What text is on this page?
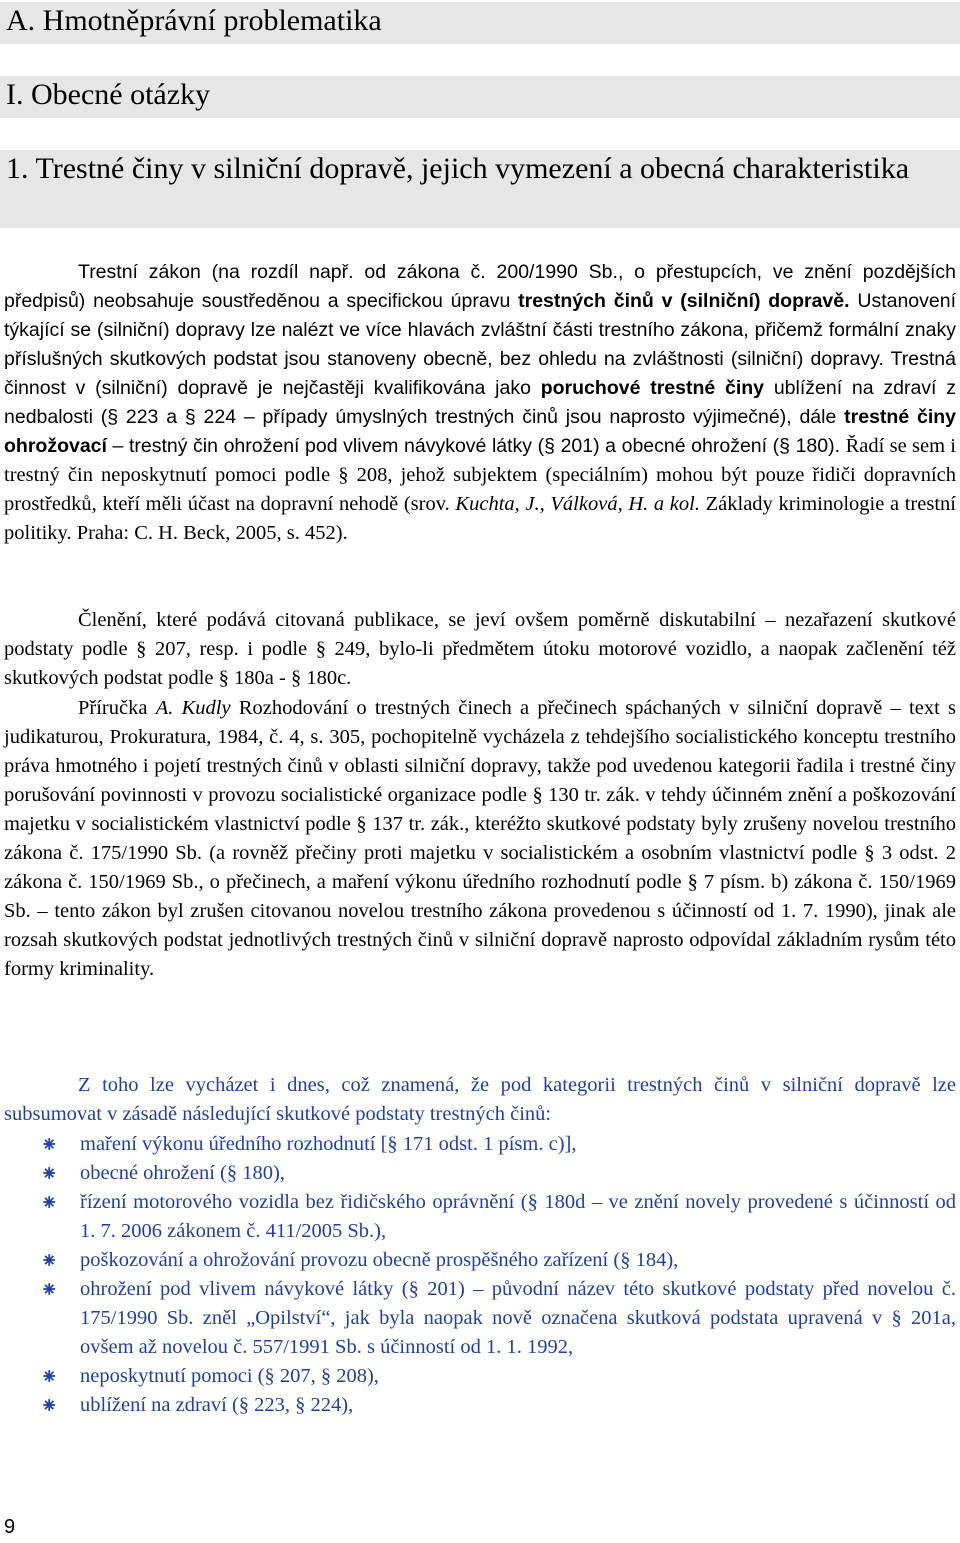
A. Hmotněprávní problematika
I. Obecné otázky
1. Trestné činy v silniční dopravě, jejich vymezení a obecná charakteristika

Trestní zákon (na rozdíl např. od zákona č. 200/1990 Sb., o přestupcích, ve znění pozdějších předpisů) neobsahuje soustředěnou a specifickou úpravu trestných činů v (silniční) dopravě. Ustanovení týkající se (silniční) dopravy lze nalézt ve více hlavách zvláštní části trestního zákona, přičemž formální znaky příslušných skutkových podstat jsou stanoveny obecně, bez ohledu na zvláštnosti (silniční) dopravy. Trestná činnost v (silniční) dopravě je nejčastěji kvalifikována jako poruchové trestné činy ublížení na zdraví z nedbalosti (§ 223 a § 224 – případy úmyslných trestných činů jsou naprosto výjimečné), dále trestné činy ohrožovací – trestný čin ohrožení pod vlivem návykové látky (§ 201) a obecné ohrožení (§ 180). Řadí se sem i trestný čin neposkytnutí pomoci podle § 208, jehož subjektem (speciálním) mohou být pouze řidiči dopravních prostředků, kteří měli účast na dopravní nehodě (srov. Kuchta, J., Válková, H. a kol. Základy kriminologie a trestní politiky. Praha: C. H. Beck, 2005, s. 452).

Členění, které podává citovaná publikace, se jeví ovšem poměrně diskutabilní – nezařazení skutkové podstaty podle § 207, resp. i podle § 249, bylo-li předmětem útoku motorové vozidlo, a naopak začlenění též skutkových podstat podle § 180a - § 180c.

Příručka A. Kudly Rozhodování o trestných činech a přečinech spáchaných v silniční dopravě – text s judikaturou, Prokuratura, 1984, č. 4, s. 305, pochopitelně vycházela z tehdejšího socialistického konceptu trestního práva hmotného i pojetí trestných činů v oblasti silniční dopravy, takže pod uvedenou kategorii řadila i trestné činy porušování povinnosti v provozu socialistické organizace podle § 130 tr. zák. v tehdy účinném znění a poškozování majetku v socialistickém vlastnictví podle § 137 tr. zák., kteréžto skutkové podstaty byly zrušeny novelou trestního zákona č. 175/1990 Sb. (a rovněž přečiny proti majetku v socialistickém a osobním vlastnictví podle § 3 odst. 2 zákona č. 150/1969 Sb., o přečinech, a maření výkonu úředního rozhodnutí podle § 7 písm. b) zákona č. 150/1969 Sb. – tento zákon byl zrušen citovanou novelou trestního zákona provedenou s účinností od 1. 7. 1990), jinak ale rozsah skutkových podstat jednotlivých trestných činů v silniční dopravě naprosto odpovídal základním rysům této formy kriminality.

Z toho lze vycházet i dnes, což znamená, že pod kategorii trestných činů v silniční dopravě lze subsumovat v zásadě následující skutkové podstaty trestných činů:

⁕ maření výkonu úředního rozhodnutí [§ 171 odst. 1 písm. c)],
⁕ obecné ohrožení (§ 180),
⁕ řízení motorového vozidla bez řidičského oprávnění (§ 180d – ve znění novely provedené s účinností od 1. 7. 2006 zákonem č. 411/2005 Sb.),
⁕ poškozování a ohrožování provozu obecně prospěšného zařízení (§ 184),
⁕ ohrožení pod vlivem návykové látky (§ 201) – původní název této skutkové podstaty před novelou č. 175/1990 Sb. zněl „Opilství“, jak byla naopak nově označena skutková podstata upravená v § 201a, ovšem až novelou č. 557/1991 Sb. s účinností od 1. 1. 1992,
⁕ neposkytnutí pomoci (§ 207, § 208),
⁕ ublížení na zdraví (§ 223, § 224),
9
